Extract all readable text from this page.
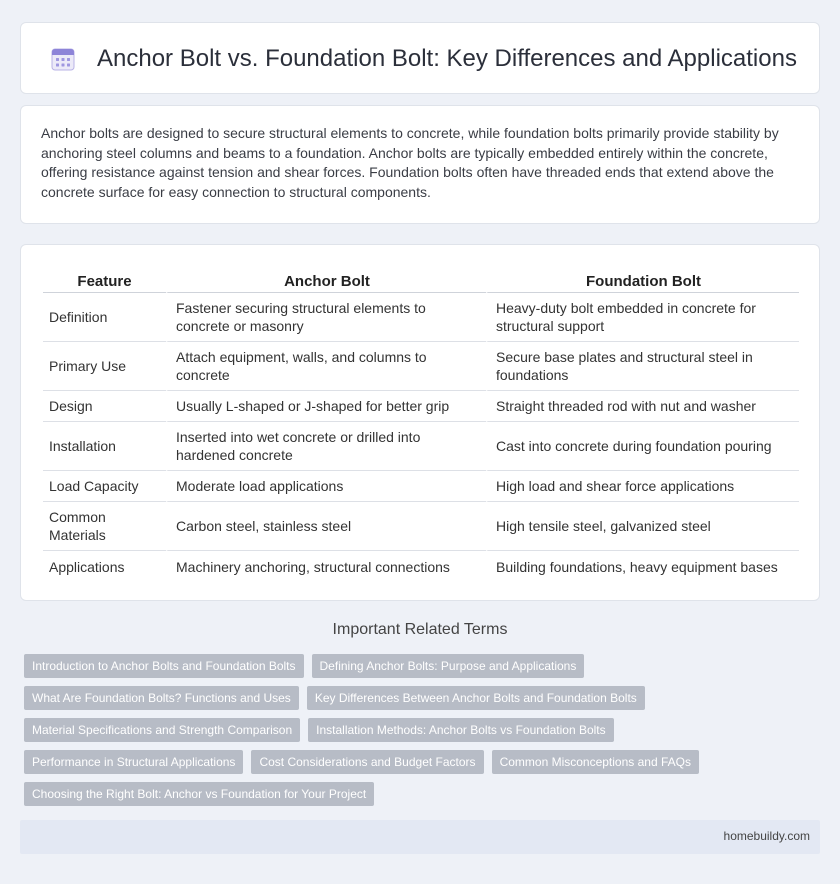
Anchor Bolt vs. Foundation Bolt: Key Differences and Applications

Anchor bolts are designed to secure structural elements to concrete, while foundation bolts primarily provide stability by anchoring steel columns and beams to a foundation. Anchor bolts are typically embedded entirely within the concrete, offering resistance against tension and shear forces. Foundation bolts often have threaded ends that extend above the concrete surface for easy connection to structural components.

Feature	Anchor Bolt	Foundation Bolt
Definition	Fastener securing structural elements to concrete or masonry	Heavy-duty bolt embedded in concrete for structural support
Primary Use	Attach equipment, walls, and columns to concrete	Secure base plates and structural steel in foundations
Design	Usually L-shaped or J-shaped for better grip	Straight threaded rod with nut and washer
Installation	Inserted into wet concrete or drilled into hardened concrete	Cast into concrete during foundation pouring
Load Capacity	Moderate load applications	High load and shear force applications
Common Materials	Carbon steel, stainless steel	High tensile steel, galvanized steel
Applications	Machinery anchoring, structural connections	Building foundations, heavy equipment bases
Important Related Terms
Introduction to Anchor Bolts and Foundation Bolts	Defining Anchor Bolts: Purpose and Applications
What Are Foundation Bolts? Functions and Uses	Key Differences Between Anchor Bolts and Foundation Bolts
Material Specifications and Strength Comparison	Installation Methods: Anchor Bolts vs Foundation Bolts
Performance in Structural Applications	Cost Considerations and Budget Factors	Common Misconceptions and FAQs
Choosing the Right Bolt: Anchor vs Foundation for Your Project
homebuildy.com
